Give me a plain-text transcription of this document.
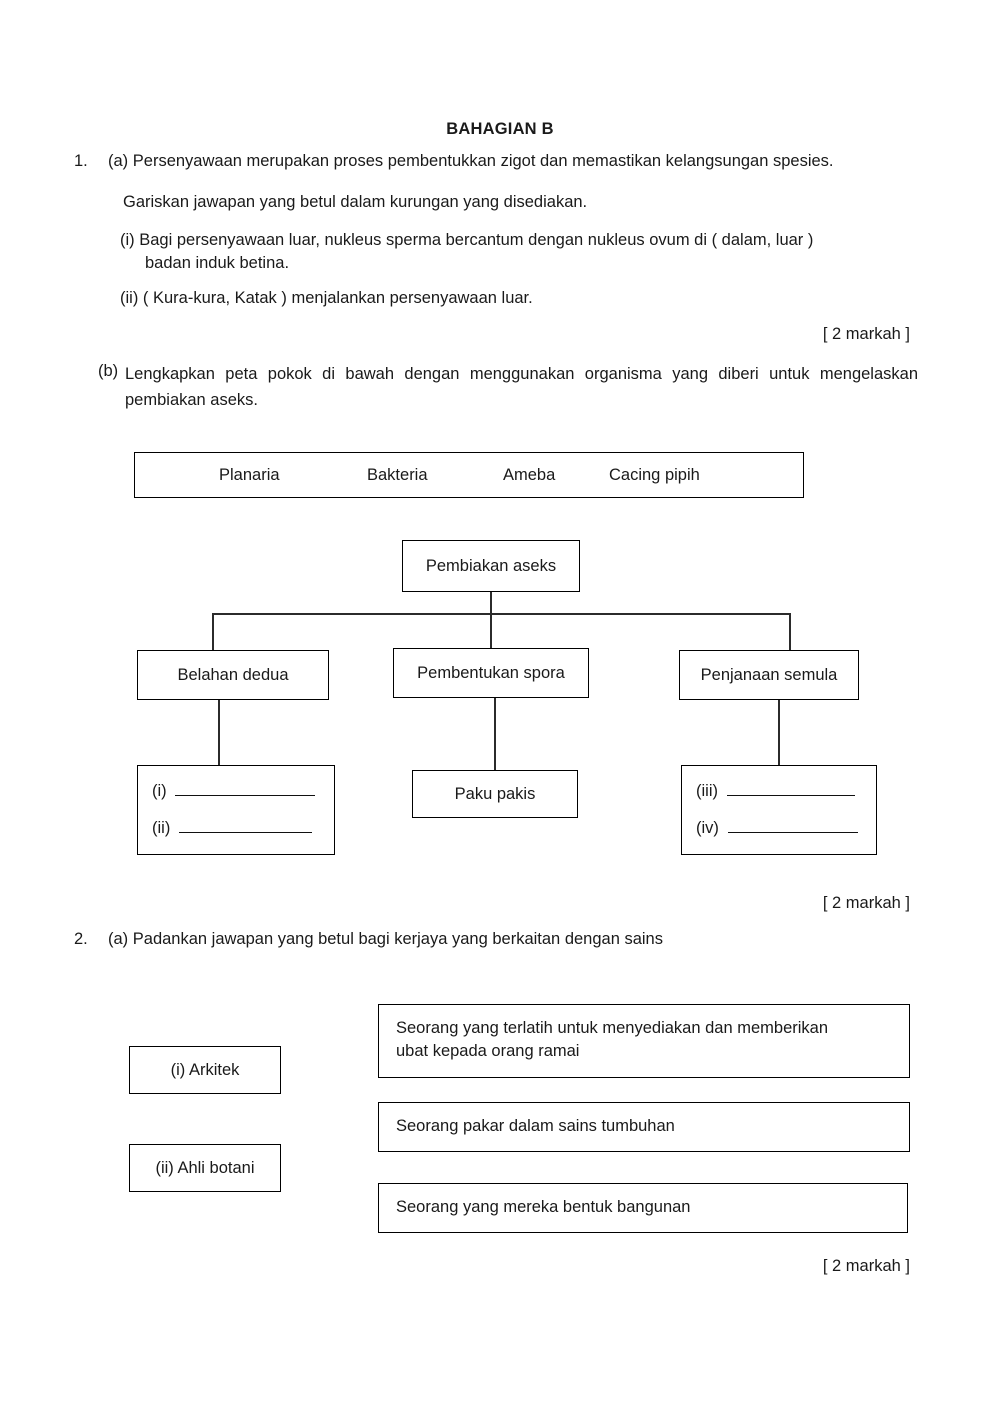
BAHAGIAN B
1. (a) Persenyawaan merupakan proses pembentukkan zigot dan memastikan kelangsungan spesies.
Gariskan jawapan yang betul dalam kurungan yang disediakan.
(i) Bagi persenyawaan luar, nukleus sperma bercantum dengan nukleus ovum di ( dalam, luar )
badan induk betina.
(ii) ( Kura-kura, Katak ) menjalankan persenyawaan luar.
[ 2 markah ]
(b) Lengkapkan peta pokok di bawah dengan menggunakan organisma yang diberi untuk mengelaskan pembiakan aseks.
Planaria	Bakteria	Ameba	Cacing pipih
Pembiakan aseks
Belahan dedua	Pembentukan spora	Penjanaan semula
(i)
(ii)
Paku pakis	(iii)
(iv)
[ 2 markah ]
2. (a) Padankan jawapan yang betul bagi kerjaya yang berkaitan dengan sains
(i) Arkitek
(ii) Ahli botani
Seorang yang terlatih untuk menyediakan dan memberikan
ubat kepada orang ramai
Seorang pakar dalam sains tumbuhan
Seorang yang mereka bentuk bangunan
[ 2 markah ]
